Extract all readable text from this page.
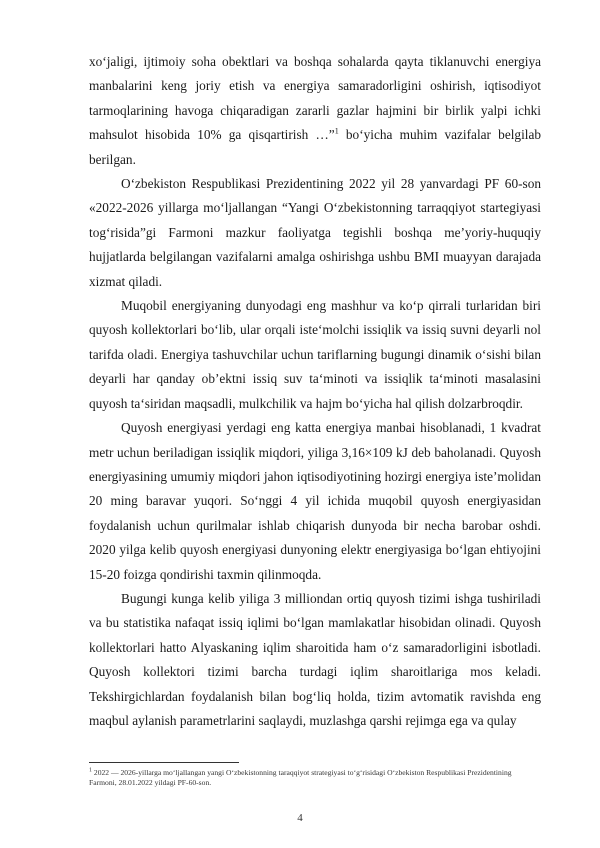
xo‘jaligi, ijtimoiy soha obektlari va boshqa sohalarda qayta tiklanuvchi energiya manbalarini keng joriy etish va energiya samaradorligini oshirish, iqtisodiyot tarmoqlarining havoga chiqaradigan zararli gazlar hajmini bir birlik yalpi ichki mahsulot hisobida 10% ga qisqartirish …”$^1$ bo‘yicha muhim vazifalar belgilab berilgan.

O‘zbekiston Respublikasi Prezidentining 2022 yil 28 yanvardagi PF 60-son «2022-2026 yillarga mo‘ljallangan “Yangi O‘zbekistonning tarraqqiyot startegiyasi tog‘risida”gi Farmoni mazkur faoliyatga tegishli boshqa me’yoriy-huquqiy hujjatlarda belgilangan vazifalarni amalga oshirishga ushbu BMI muayyan darajada xizmat qiladi.

Muqobil energiyaning dunyodagi eng mashhur va ko‘p qirrali turlaridan biri quyosh kollektorlari bo‘lib, ular orqali iste‘molchi issiqlik va issiq suvni deyarli nol tarifda oladi. Energiya tashuvchilar uchun tariflarning bugungi dinamik o‘sishi bilan deyarli har qanday ob’ektni issiq suv ta‘minoti va issiqlik ta‘minoti masalasini quyosh ta‘siridan maqsadli, mulkchilik va hajm bo‘yicha hal qilish dolzarbroqdir.

Quyosh energiyasi yerdagi eng katta energiya manbai hisoblanadi, 1 kvadrat metr uchun beriladigan issiqlik miqdori, yiliga 3,16×109 kJ deb baholanadi. Quyosh energiyasining umumiy miqdori jahon iqtisodiyotining hozirgi energiya iste’molidan 20 ming baravar yuqori. So‘nggi 4 yil ichida muqobil quyosh energiyasidan foydalanish uchun qurilmalar ishlab chiqarish dunyoda bir necha barobar oshdi. 2020 yilga kelib quyosh energiyasi dunyoning elektr energiyasiga bo‘lgan ehtiyojini 15-20 foizga qondirishi taxmin qilinmoqda.

Bugungi kunga kelib yiliga 3 milliondan ortiq quyosh tizimi ishga tushiriladi va bu statistika nafaqat issiq iqlimi bo‘lgan mamlakatlar hisobidan olinadi. Quyosh kollektorlari hatto Alyaskaning iqlim sharoitida ham o‘z samaradorligini isbotladi. Quyosh kollektori tizimi barcha turdagi iqlim sharoitlariga mos keladi. Tekshirgichlardan foydalanish bilan bog‘liq holda, tizim avtomatik ravishda eng maqbul aylanish parametrlarini saqlaydi, muzlashga qarshi rejimga ega va qulay

$^1$ 2022 — 2026-yillarga mo‘ljallangan yangi O‘zbekistonning taraqqiyot strategiyasi to‘g‘risidagi O‘zbekiston Respublikasi Prezidentining Farmoni, 28.01.2022 yildagi PF-60-son.
4
